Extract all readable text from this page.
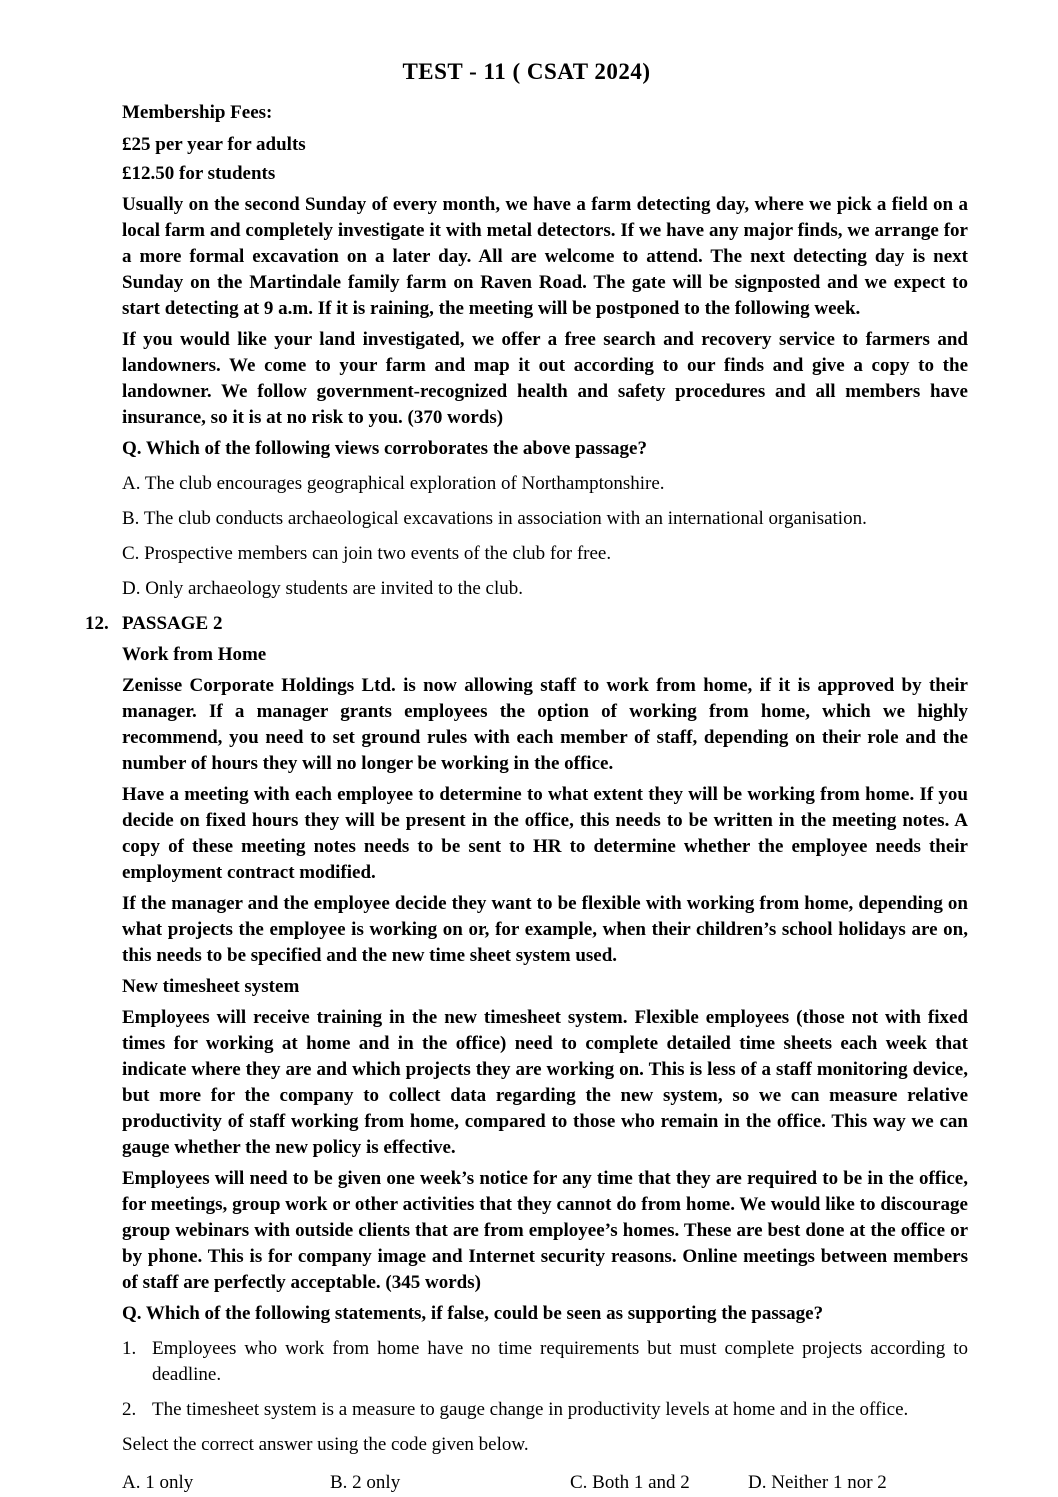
TEST - 11 ( CSAT 2024)

Membership Fees:

£25 per year for adults

£12.50 for students

Usually on the second Sunday of every month, we have a farm detecting day, where we pick a field on a local farm and completely investigate it with metal detectors. If we have any major finds, we arrange for a more formal excavation on a later day. All are welcome to attend. The next detecting day is next Sunday on the Martindale family farm on Raven Road. The gate will be signposted and we expect to start detecting at 9 a.m. If it is raining, the meeting will be postponed to the following week.

If you would like your land investigated, we offer a free search and recovery service to farmers and landowners. We come to your farm and map it out according to our finds and give a copy to the landowner. We follow government-recognized health and safety procedures and all members have insurance, so it is at no risk to you. (370 words)

Q. Which of the following views corroborates the above passage?

A. The club encourages geographical exploration of Northamptonshire.

B. The club conducts archaeological excavations in association with an international organisation.

C. Prospective members can join two events of the club for free.

D. Only archaeology students are invited to the club.

12. PASSAGE 2

Work from Home

Zenisse Corporate Holdings Ltd. is now allowing staff to work from home, if it is approved by their manager. If a manager grants employees the option of working from home, which we highly recommend, you need to set ground rules with each member of staff, depending on their role and the number of hours they will no longer be working in the office.

Have a meeting with each employee to determine to what extent they will be working from home. If you decide on fixed hours they will be present in the office, this needs to be written in the meeting notes. A copy of these meeting notes needs to be sent to HR to determine whether the employee needs their employment contract modified.

If the manager and the employee decide they want to be flexible with working from home, depending on what projects the employee is working on or, for example, when their children’s school holidays are on, this needs to be specified and the new time sheet system used.

New timesheet system

Employees will receive training in the new timesheet system. Flexible employees (those not with fixed times for working at home and in the office) need to complete detailed time sheets each week that indicate where they are and which projects they are working on. This is less of a staff monitoring device, but more for the company to collect data regarding the new system, so we can measure relative productivity of staff working from home, compared to those who remain in the office. This way we can gauge whether the new policy is effective.

Employees will need to be given one week’s notice for any time that they are required to be in the office, for meetings, group work or other activities that they cannot do from home. We would like to discourage group webinars with outside clients that are from employee’s homes. These are best done at the office or by phone. This is for company image and Internet security reasons. Online meetings between members of staff are perfectly acceptable. (345 words)

Q. Which of the following statements, if false, could be seen as supporting the passage?

1. Employees who work from home have no time requirements but must complete projects according to deadline.
2. The timesheet system is a measure to gauge change in productivity levels at home and in the office.

Select the correct answer using the code given below.

A. 1 only	B. 2 only	C. Both 1 and 2	D. Neither 1 nor 2
